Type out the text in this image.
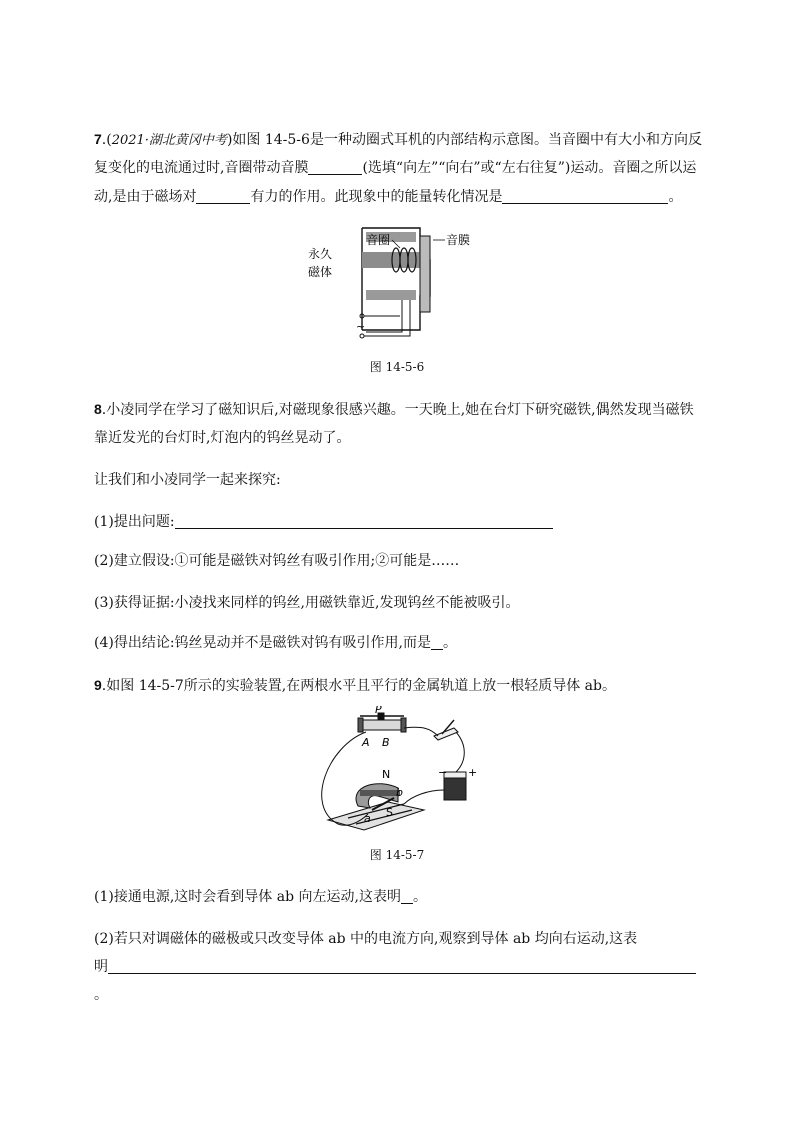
7.(2021·湖北黄冈中考)如图 14-5-6是一种动圈式耳机的内部结构示意图。当音圈中有大小和方向反
复变化的电流通过时,音圈带动音膜	(选填“向左”“向右”或“左右往复”)运动。音圈之所以运
动,是由于磁场对	有力的作用。此现象中的能量转化情况是	。
音圈	音膜
永久
磁体
~
图 14-5-6
8.小凌同学在学习了磁知识后,对磁现象很感兴趣。一天晚上,她在台灯下研究磁铁,偶然发现当磁铁
靠近发光的台灯时,灯泡内的钨丝晃动了。
让我们和小凌同学一起来探究:
(1)提出问题:
(2)建立假设:①可能是磁铁对钨丝有吸引作用;②可能是……
(3)获得证据:小凌找来同样的钨丝,用磁铁靠近,发现钨丝不能被吸引。
(4)得出结论:钨丝晃动并不是磁铁对钨有吸引作用,而是 。
9.如图 14-5-7所示的实验装置,在两根水平且平行的金属轨道上放一根轻质导体 ab。
P
A B
N
S
a
b
− +
图 14-5-7
(1)接通电源,这时会看到导体 ab 向左运动,这表明 。
(2)若只对调磁体的磁极或只改变导体 ab 中的电流方向,观察到导体 ab 均向右运动,这表
明
。
